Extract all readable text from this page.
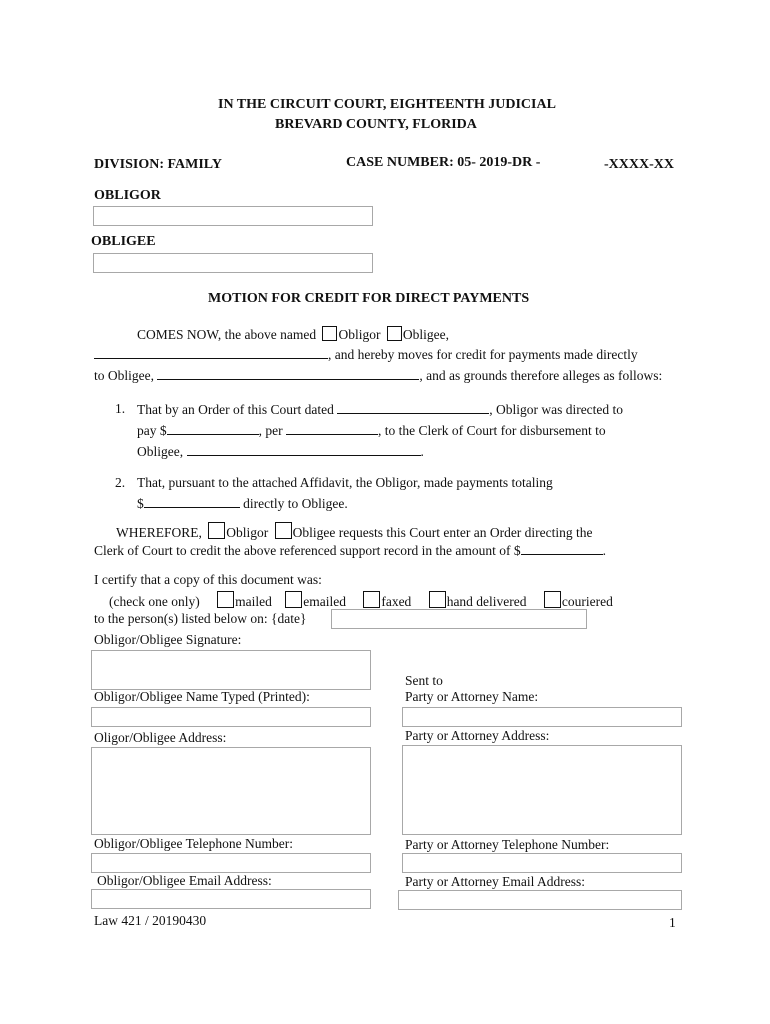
IN THE CIRCUIT COURT, EIGHTEENTH JUDICIAL
BREVARD COUNTY, FLORIDA
DIVISION: FAMILY	CASE NUMBER: 05- 2019-DR -	-XXXX-XX
OBLIGOR
OBLIGEE
MOTION FOR CREDIT FOR DIRECT PAYMENTS
COMES NOW, the above named Obligor Obligee,
, and hereby moves for credit for payments made directly
to Obligee,	, and as grounds therefore alleges as follows:
1. That by an Order of this Court dated	, Obligor was directed to
pay $	, per	, to the Clerk of Court for disbursement to
Obligee,	.
2. That, pursuant to the attached Affidavit, the Obligor, made payments totaling
$	directly to Obligee.
WHEREFORE, Obligor Obligee requests this Court enter an Order directing the
Clerk of Court to credit the above referenced support record in the amount of $	.
I certify that a copy of this document was:
(check one only)	mailed emailed	faxed	hand delivered	couriered
to the person(s) listed below on: {date}
Obligor/Obligee Signature:
Sent to
Obligor/Obligee Name Typed (Printed):	Party or Attorney Name:
Oligor/Obligee Address:	Party or Attorney Address:
Obligor/Obligee Telephone Number:	Party or Attorney Telephone Number:
Obligor/Obligee Email Address:	Party or Attorney Email Address:
Law 421 / 20190430	1
